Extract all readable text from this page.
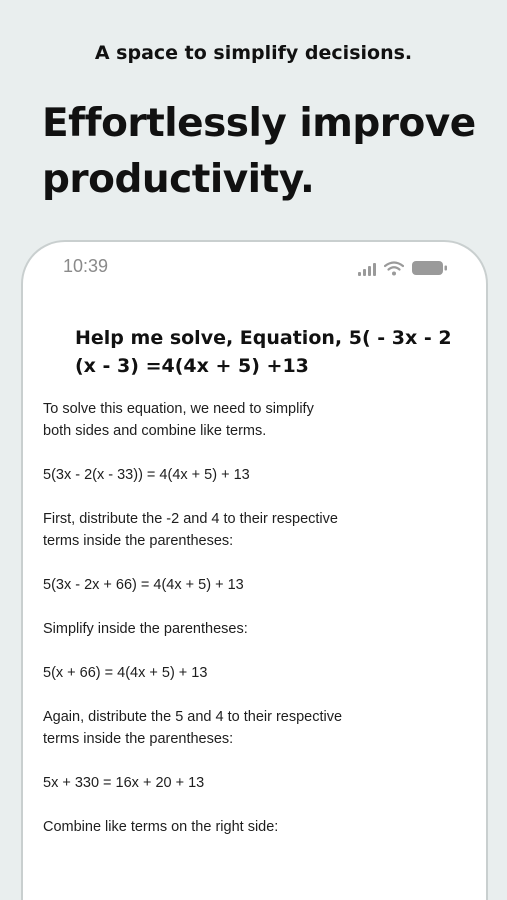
A space to simplify decisions.
Effortlessly improve
productivity.
10:39
Help me solve, Equation, 5( - 3x - 2
(x - 3) =4(4x + 5) +13
To solve this equation, we need to simplify both sides and combine like terms.
5(3x - 2(x - 33)) = 4(4x + 5) + 13
First, distribute the -2 and 4 to their respective terms inside the parentheses:
5(3x - 2x + 66) = 4(4x + 5) + 13
Simplify inside the parentheses:
5(x + 66) = 4(4x + 5) + 13
Again, distribute the 5 and 4 to their respective terms inside the parentheses:
5x + 330 = 16x + 20 + 13
Combine like terms on the right side:
